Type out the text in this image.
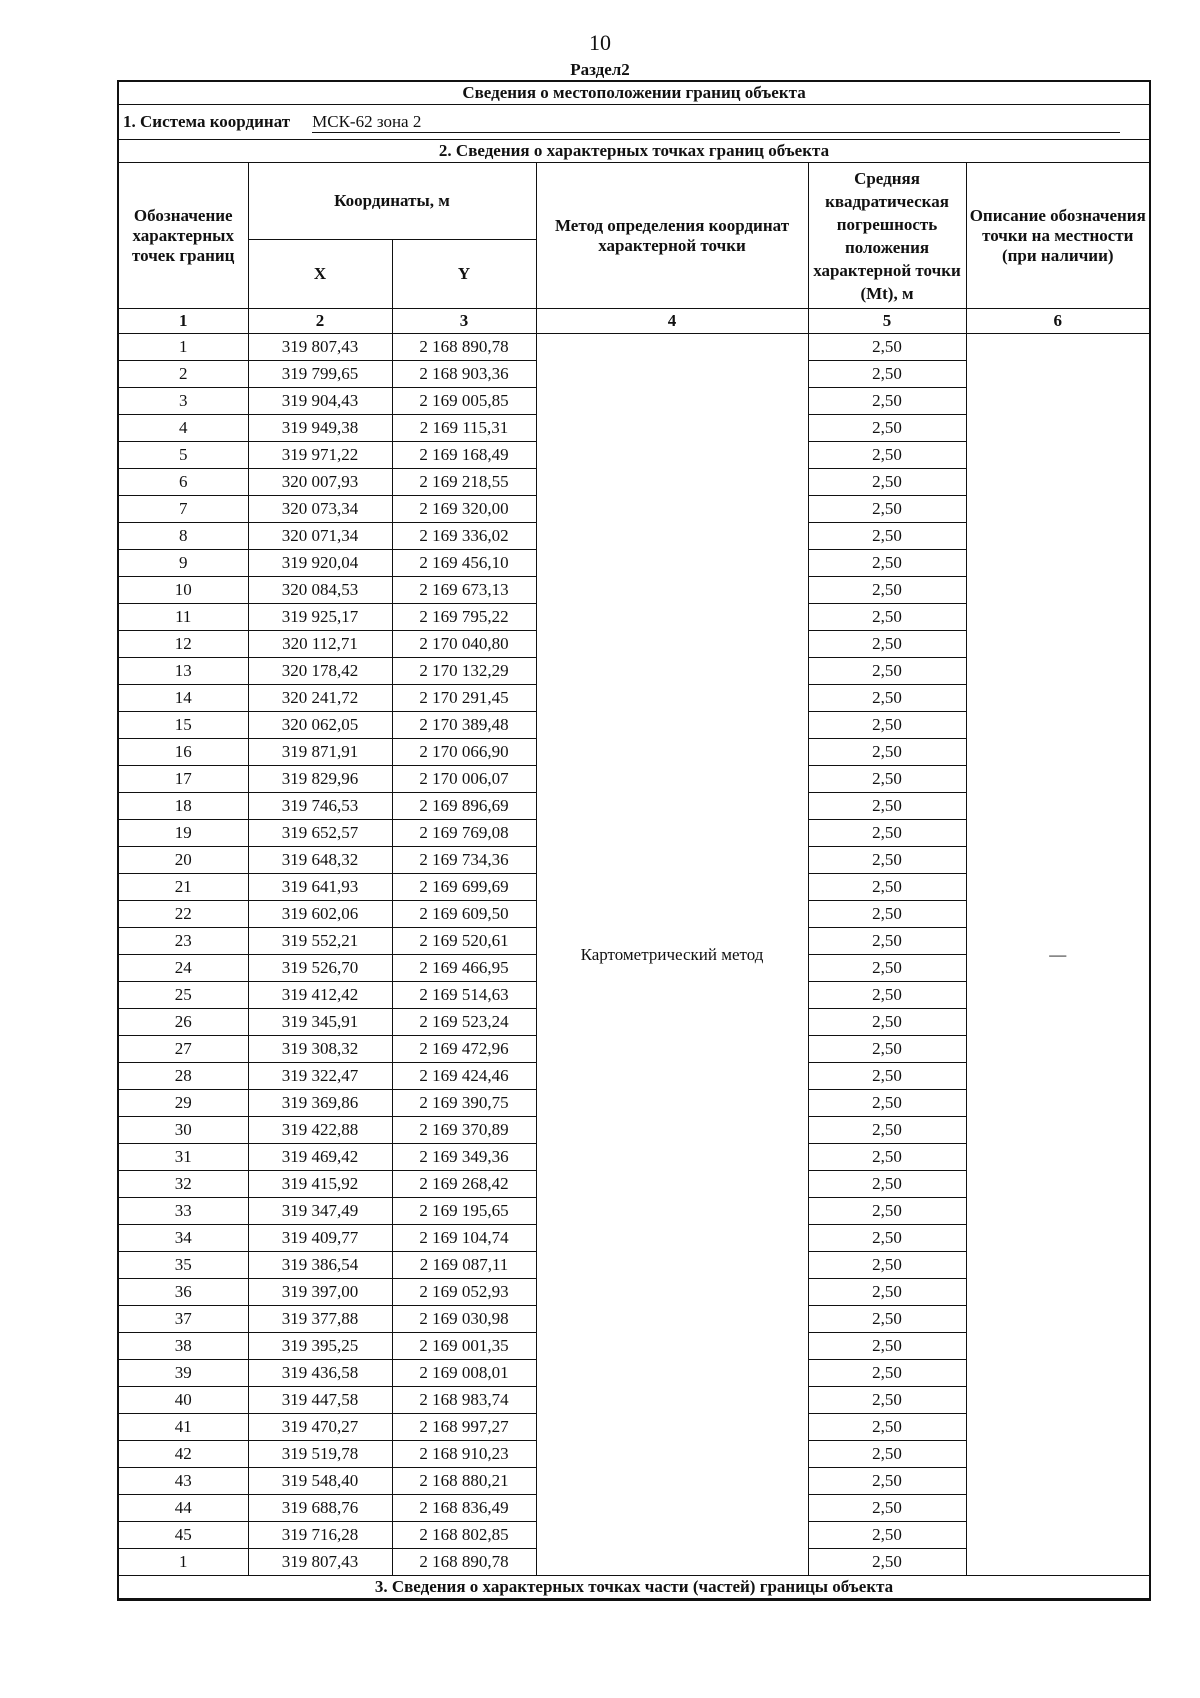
10
Раздел2
Сведения о местоположении границ объекта					
1. Система координат МСК-62 зона 2					
2. Сведения о характерных точках границ объекта					
Обозначение характерных точек границ	Координаты, м		Метод определения координат характерной точки	Средняя квадратическая погрешность положения характерной точки (Mt), м	Описание обозначения точки на местности (при наличии)
	X	Y			
1	2	3	4	5	6
1	319 807,43	2 168 890,78	Картометрический метод	2,50	—
2	319 799,65	2 168 903,36		2,50	
3	319 904,43	2 169 005,85		2,50	
4	319 949,38	2 169 115,31		2,50	
5	319 971,22	2 169 168,49		2,50	
6	320 007,93	2 169 218,55		2,50	
7	320 073,34	2 169 320,00		2,50	
8	320 071,34	2 169 336,02		2,50	
9	319 920,04	2 169 456,10		2,50	
10	320 084,53	2 169 673,13		2,50	
11	319 925,17	2 169 795,22		2,50	
12	320 112,71	2 170 040,80		2,50	
13	320 178,42	2 170 132,29		2,50	
14	320 241,72	2 170 291,45		2,50	
15	320 062,05	2 170 389,48		2,50	
16	319 871,91	2 170 066,90		2,50	
17	319 829,96	2 170 006,07		2,50	
18	319 746,53	2 169 896,69		2,50	
19	319 652,57	2 169 769,08		2,50	
20	319 648,32	2 169 734,36		2,50	
21	319 641,93	2 169 699,69		2,50	
22	319 602,06	2 169 609,50		2,50	
23	319 552,21	2 169 520,61		2,50	
24	319 526,70	2 169 466,95		2,50	
25	319 412,42	2 169 514,63		2,50	
26	319 345,91	2 169 523,24		2,50	
27	319 308,32	2 169 472,96		2,50	
28	319 322,47	2 169 424,46		2,50	
29	319 369,86	2 169 390,75		2,50	
30	319 422,88	2 169 370,89		2,50	
31	319 469,42	2 169 349,36		2,50	
32	319 415,92	2 169 268,42		2,50	
33	319 347,49	2 169 195,65		2,50	
34	319 409,77	2 169 104,74		2,50	
35	319 386,54	2 169 087,11		2,50	
36	319 397,00	2 169 052,93		2,50	
37	319 377,88	2 169 030,98		2,50	
38	319 395,25	2 169 001,35		2,50	
39	319 436,58	2 169 008,01		2,50	
40	319 447,58	2 168 983,74		2,50	
41	319 470,27	2 168 997,27		2,50	
42	319 519,78	2 168 910,23		2,50	
43	319 548,40	2 168 880,21		2,50	
44	319 688,76	2 168 836,49		2,50	
45	319 716,28	2 168 802,85		2,50	
1	319 807,43	2 168 890,78		2,50	
3. Сведения о характерных точках части (частей) границы объекта					
